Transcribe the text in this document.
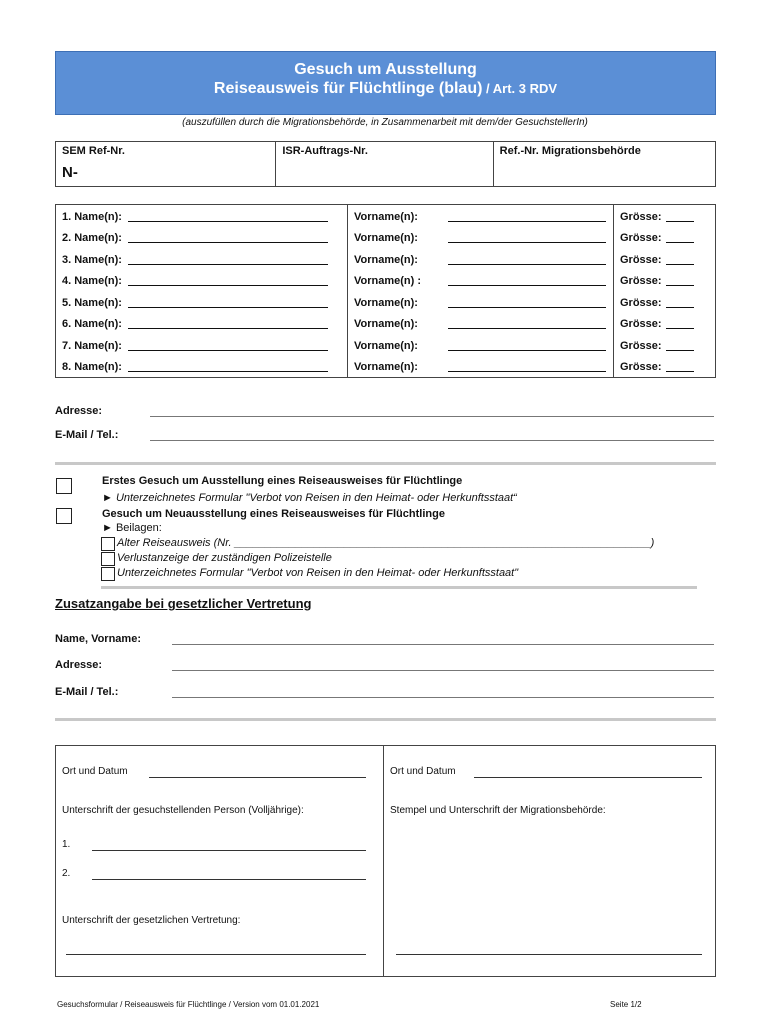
Gesuch um Ausstellung
Reiseausweis für Flüchtlinge (blau) / Art. 3 RDV
(auszufüllen durch die Migrationsbehörde, in Zusammenarbeit mit dem/der GesuchstellerIn)
SEM Ref-Nr.
N-
ISR-Auftrags-Nr.	Ref.-Nr. Migrationsbehörde
1. Name(n):
2. Name(n):
3. Name(n):
4. Name(n):
5. Name(n):
6. Name(n):
7. Name(n):
8. Name(n):
Vorname(n):
Vorname(n):
Vorname(n):
Vorname(n) :
Vorname(n):
Vorname(n):
Vorname(n):
Vorname(n):
Grösse:
Grösse:
Grösse:
Grösse:
Grösse:
Grösse:
Grösse:
Grösse:
Adresse:
E-Mail / Tel.:
Erstes Gesuch um Ausstellung eines Reiseausweises für Flüchtlinge
► Unterzeichnetes Formular "Verbot von Reisen in den Heimat- oder Herkunftsstaat“
Gesuch um Neuausstellung eines Reiseausweises für Flüchtlinge
► Beilagen:
Alter Reiseausweis (Nr. ____________________________________________________________________)
Verlustanzeige der zuständigen Polizeistelle
Unterzeichnetes Formular "Verbot von Reisen in den Heimat- oder Herkunftsstaat"
Zusatzangabe bei gesetzlicher Vertretung
Name, Vorname:
Adresse:
E-Mail / Tel.:
Ort und Datum
Unterschrift der gesuchstellenden Person (Volljährige):
1.
2.
Unterschrift der gesetzlichen Vertretung:
Ort und Datum
Stempel und Unterschrift der Migrationsbehörde:
Gesuchsformular / Reiseausweis für Flüchtlinge / Version vom 01.01.2021	Seite 1/2
